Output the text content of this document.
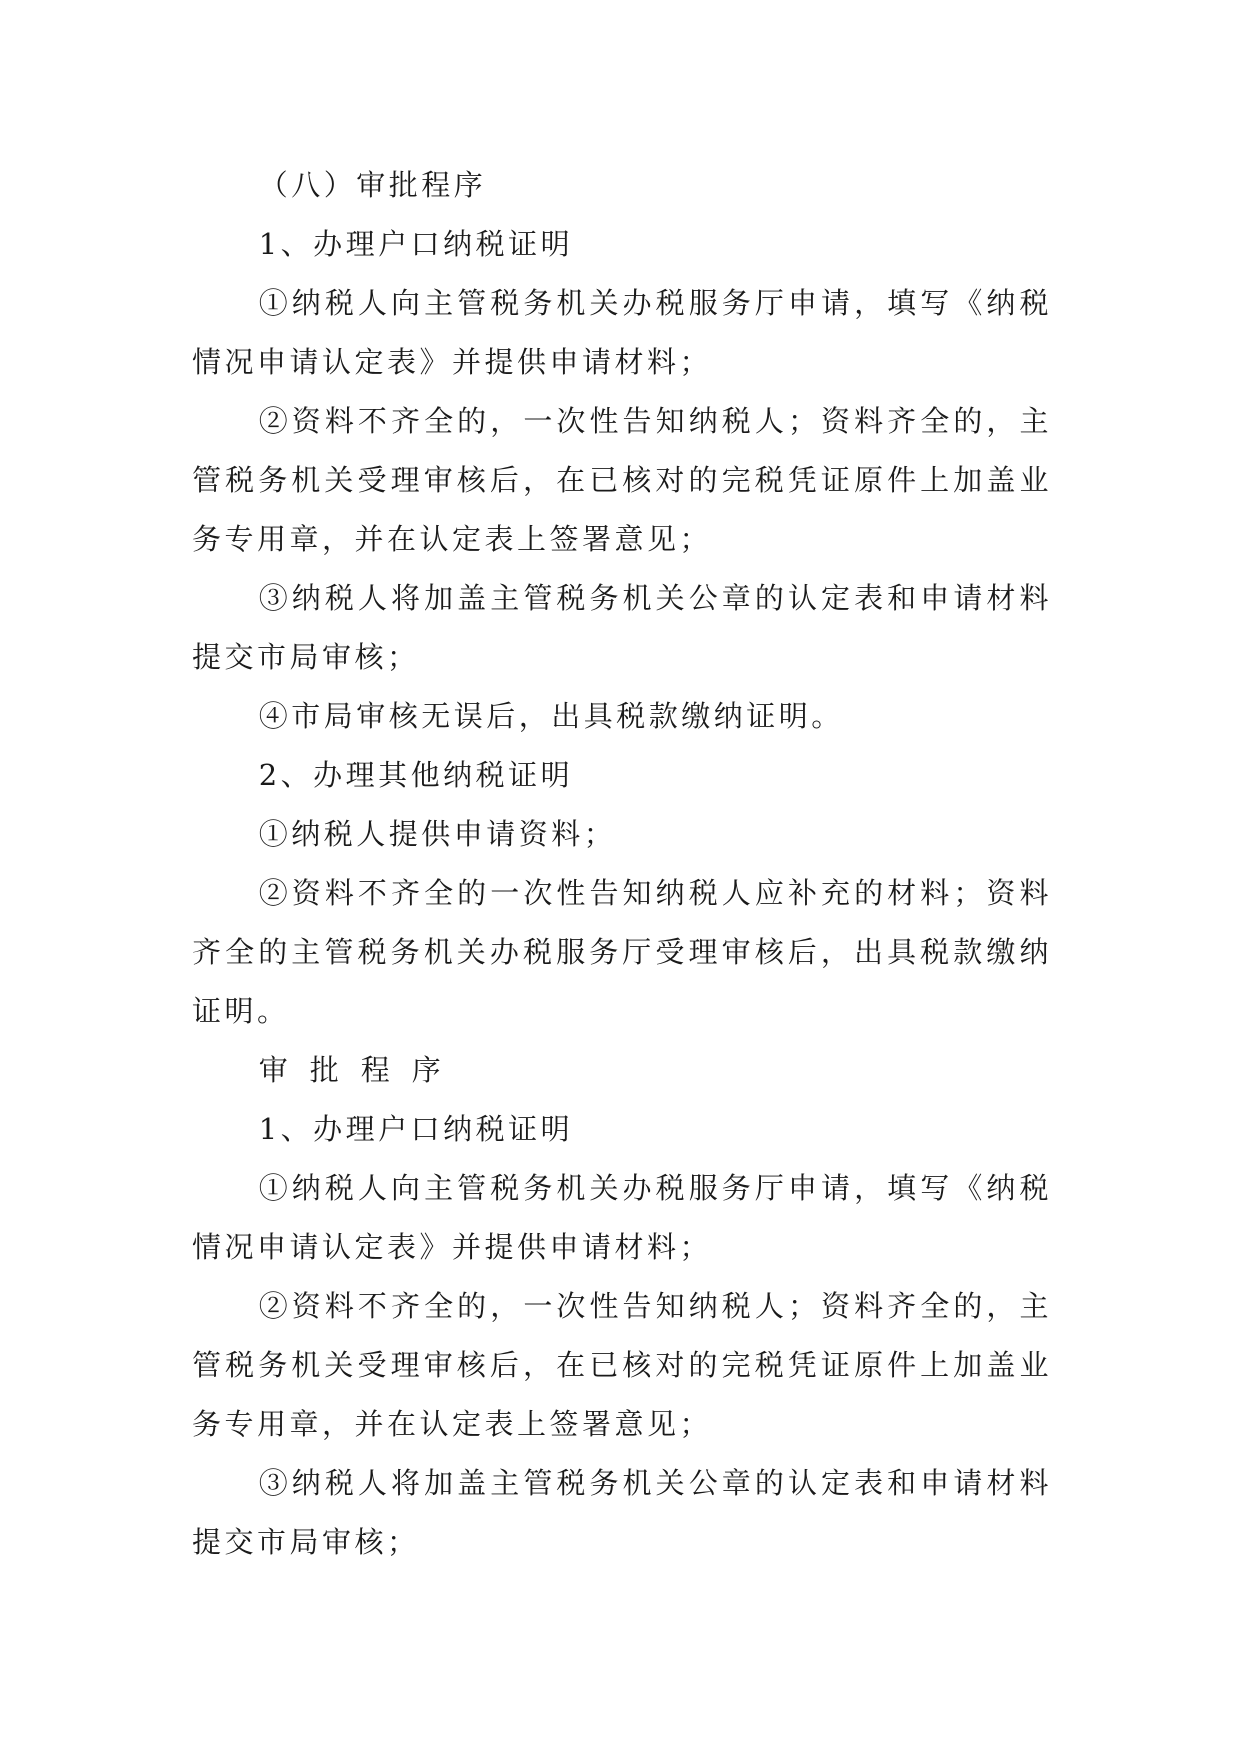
（八）审批程序

1、办理户口纳税证明

①纳税人向主管税务机关办税服务厅申请，填写《纳税情况申请认定表》并提供申请材料；

②资料不齐全的，一次性告知纳税人；资料齐全的，主管税务机关受理审核后，在已核对的完税凭证原件上加盖业务专用章，并在认定表上签署意见；

③纳税人将加盖主管税务机关公章的认定表和申请材料提交市局审核；

④市局审核无误后，出具税款缴纳证明。

2、办理其他纳税证明

①纳税人提供申请资料；

②资料不齐全的一次性告知纳税人应补充的材料；资料齐全的主管税务机关办税服务厅受理审核后，出具税款缴纳证明。

审批程序

1、办理户口纳税证明

①纳税人向主管税务机关办税服务厅申请，填写《纳税情况申请认定表》并提供申请材料；

②资料不齐全的，一次性告知纳税人；资料齐全的，主管税务机关受理审核后，在已核对的完税凭证原件上加盖业务专用章，并在认定表上签署意见；

③纳税人将加盖主管税务机关公章的认定表和申请材料提交市局审核；
